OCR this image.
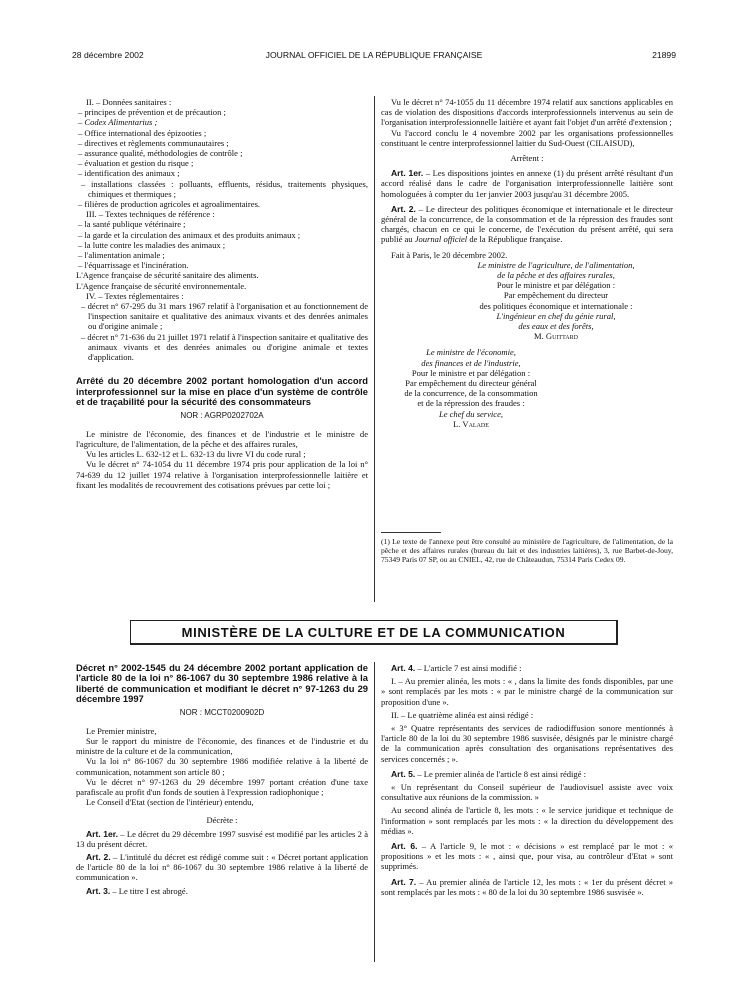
28 décembre 2002	JOURNAL OFFICIEL DE LA RÉPUBLIQUE FRANÇAISE	21899

II. – Données sanitaires :

– principes de prévention et de précaution ;

– Codex Alimentarius ;

– Office international des épizooties ;

– directives et règlements communautaires ;

– assurance qualité, méthodologies de contrôle ;

– évaluation et gestion du risque ;

– identification des animaux ;

– installations classées : polluants, effluents, résidus, traitements physiques, chimiques et thermiques ;

– filières de production agricoles et agroalimentaires.

III. – Textes techniques de référence :

– la santé publique vétérinaire ;

– la garde et la circulation des animaux et des produits animaux ;

– la lutte contre les maladies des animaux ;

– l'alimentation animale ;

– l'équarrissage et l'incinération.

L'Agence française de sécurité sanitaire des aliments.

L'Agence française de sécurité environnementale.

IV. – Textes réglementaires :

– décret n° 67-295 du 31 mars 1967 relatif à l'organisation et au fonctionnement de l'inspection sanitaire et qualitative des animaux vivants et des denrées animales ou d'origine animale ;

– décret n° 71-636 du 21 juillet 1971 relatif à l'inspection sanitaire et qualitative des animaux vivants et des denrées animales ou d'origine animale et textes d'application.

Arrêté du 20 décembre 2002 portant homologation d'un accord interprofessionnel sur la mise en place d'un système de contrôle et de traçabilité pour la sécurité des consommateurs

NOR : AGRP0202702A

Le ministre de l'économie, des finances et de l'industrie et le ministre de l'agriculture, de l'alimentation, de la pêche et des affaires rurales,

Vu les articles L. 632-12 et L. 632-13 du livre VI du code rural ;

Vu le décret n° 74-1054 du 11 décembre 1974 pris pour application de la loi n° 74-639 du 12 juillet 1974 relative à l'organisation interprofessionnelle laitière et fixant les modalités de recouvrement des cotisations prévues par cette loi ;

Vu le décret n° 74-1055 du 11 décembre 1974 relatif aux sanctions applicables en cas de violation des dispositions d'accords interprofessionnels intervenus au sein de l'organisation interprofessionnelle laitière et ayant fait l'objet d'un arrêté d'extension ;

Vu l'accord conclu le 4 novembre 2002 par les organisations professionnelles constituant le centre interprofessionnel laitier du Sud-Ouest (CILAISUD),

Arrêtent :

Art. 1er. – Les dispositions jointes en annexe (1) du présent arrêté résultant d'un accord réalisé dans le cadre de l'organisation interprofessionnelle laitière sont homologuées à compter du 1er janvier 2003 jusqu'au 31 décembre 2005.

Art. 2. – Le directeur des politiques économique et internationale et le directeur général de la concurrence, de la consommation et de la répression des fraudes sont chargés, chacun en ce qui le concerne, de l'exécution du présent arrêté, qui sera publié au Journal officiel de la République française.

Fait à Paris, le 20 décembre 2002.

Le ministre de l'agriculture, de l'alimentation,

de la pêche et des affaires rurales,

Pour le ministre et par délégation :

Par empêchement du directeur

des politiques économique et internationale :

L'ingénieur en chef du génie rural,

des eaux et des forêts,

M. Guittard

Le ministre de l'économie,

des finances et de l'industrie,

Pour le ministre et par délégation :

Par empêchement du directeur général

de la concurrence, de la consommation

et de la répression des fraudes :

Le chef du service,

L. Valade

(1) Le texte de l'annexe peut être consulté au ministère de l'agriculture, de l'alimentation, de la pêche et des affaires rurales (bureau du lait et des industries laitières), 3, rue Barbet-de-Jouy, 75349 Paris 07 SP, ou au CNIEL, 42, rue de Châteaudun, 75314 Paris Cedex 09.
MINISTÈRE DE LA CULTURE ET DE LA COMMUNICATION

Décret n° 2002-1545 du 24 décembre 2002 portant application de l'article 80 de la loi n° 86-1067 du 30 septembre 1986 relative à la liberté de communication et modifiant le décret n° 97-1263 du 29 décembre 1997

NOR : MCCT0200902D

Le Premier ministre,

Sur le rapport du ministre de l'économie, des finances et de l'industrie et du ministre de la culture et de la communication,

Vu la loi n° 86-1067 du 30 septembre 1986 modifiée relative à la liberté de communication, notamment son article 80 ;

Vu le décret n° 97-1263 du 29 décembre 1997 portant création d'une taxe parafiscale au profit d'un fonds de soutien à l'expression radiophonique ;

Le Conseil d'Etat (section de l'intérieur) entendu,

Décrète :

Art. 1er. – Le décret du 29 décembre 1997 susvisé est modifié par les articles 2 à 13 du présent décret.

Art. 2. – L'intitulé du décret est rédigé comme suit : « Décret portant application de l'article 80 de la loi n° 86-1067 du 30 septembre 1986 relative à la liberté de communication ».

Art. 3. – Le titre I est abrogé.

Art. 4. – L'article 7 est ainsi modifié :

I. – Au premier alinéa, les mots : « , dans la limite des fonds disponibles, par une » sont remplacés par les mots : « par le ministre chargé de la communication sur proposition d'une ».

II. – Le quatrième alinéa est ainsi rédigé :

« 3° Quatre représentants des services de radiodiffusion sonore mentionnés à l'article 80 de la loi du 30 septembre 1986 susvisée, désignés par le ministre chargé de la communication après consultation des organisations représentatives des services concernés ; ».

Art. 5. – Le premier alinéa de l'article 8 est ainsi rédigé :

« Un représentant du Conseil supérieur de l'audiovisuel assiste avec voix consultative aux réunions de la commission. »

Au second alinéa de l'article 8, les mots : « le service juridique et technique de l'information » sont remplacés par les mots : « la direction du développement des médias ».

Art. 6. – A l'article 9, le mot : « décisions » est remplacé par le mot : « propositions » et les mots : « , ainsi que, pour visa, au contrôleur d'Etat » sont supprimés.

Art. 7. – Au premier alinéa de l'article 12, les mots : « 1er du présent décret » sont remplacés par les mots : « 80 de la loi du 30 septembre 1986 susvisée ».
